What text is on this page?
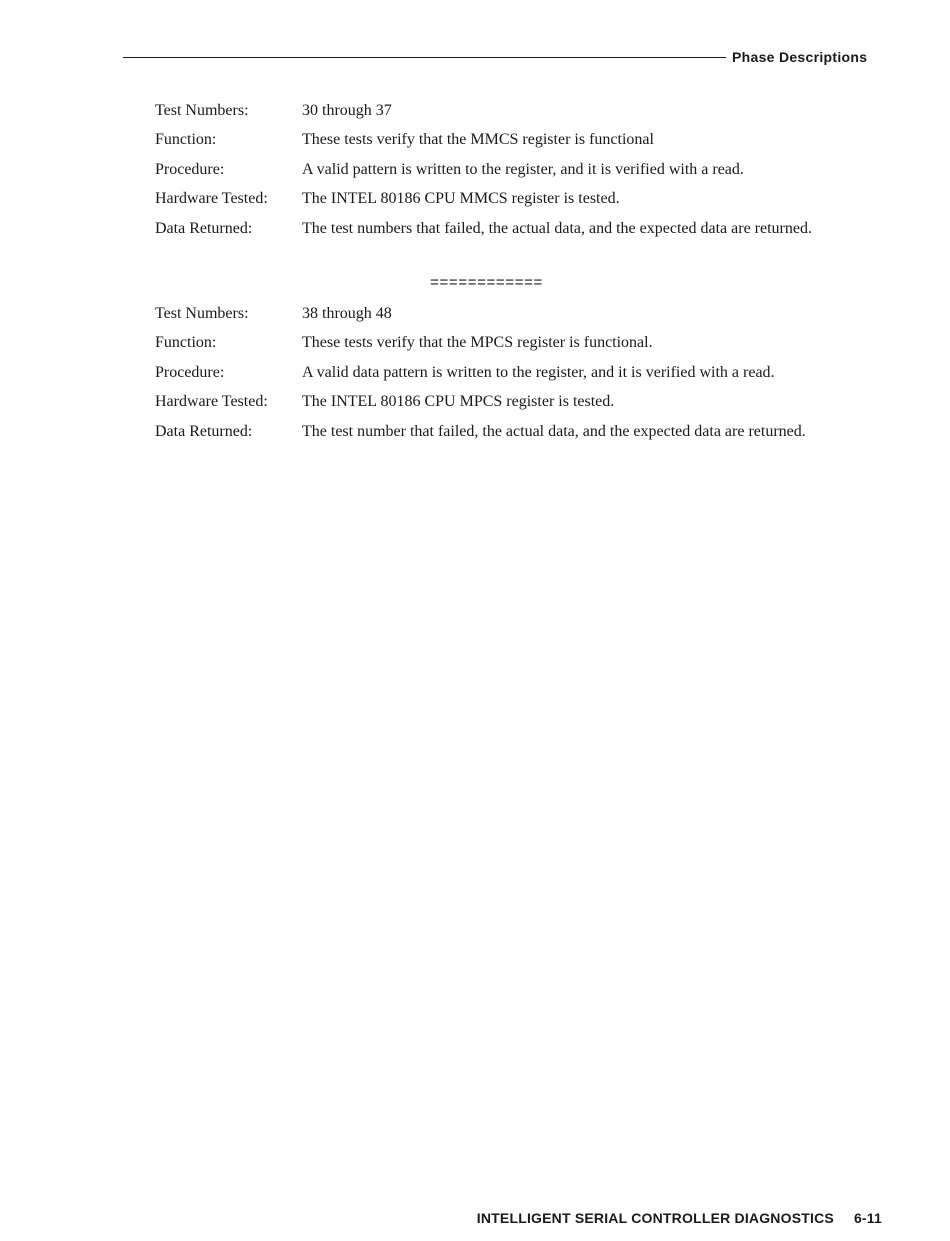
Phase Descriptions
Test Numbers:	30 through 37
Function:	These tests verify that the MMCS register is functional
Procedure:	A valid pattern is written to the register, and it is verified with a read.
Hardware Tested: The INTEL 80186 CPU MMCS register is tested.
Data Returned:	The test numbers that failed, the actual data, and the expected data are returned.
============
Test Numbers:	38 through 48
Function:	These tests verify that the MPCS register is functional.
Procedure:	A valid data pattern is written to the register, and it is verified with a read.
Hardware Tested: The INTEL 80186 CPU MPCS register is tested.
Data Returned:	The test number that failed, the actual data, and the expected data are returned.
INTELLIGENT SERIAL CONTROLLER DIAGNOSTICS 6-11
